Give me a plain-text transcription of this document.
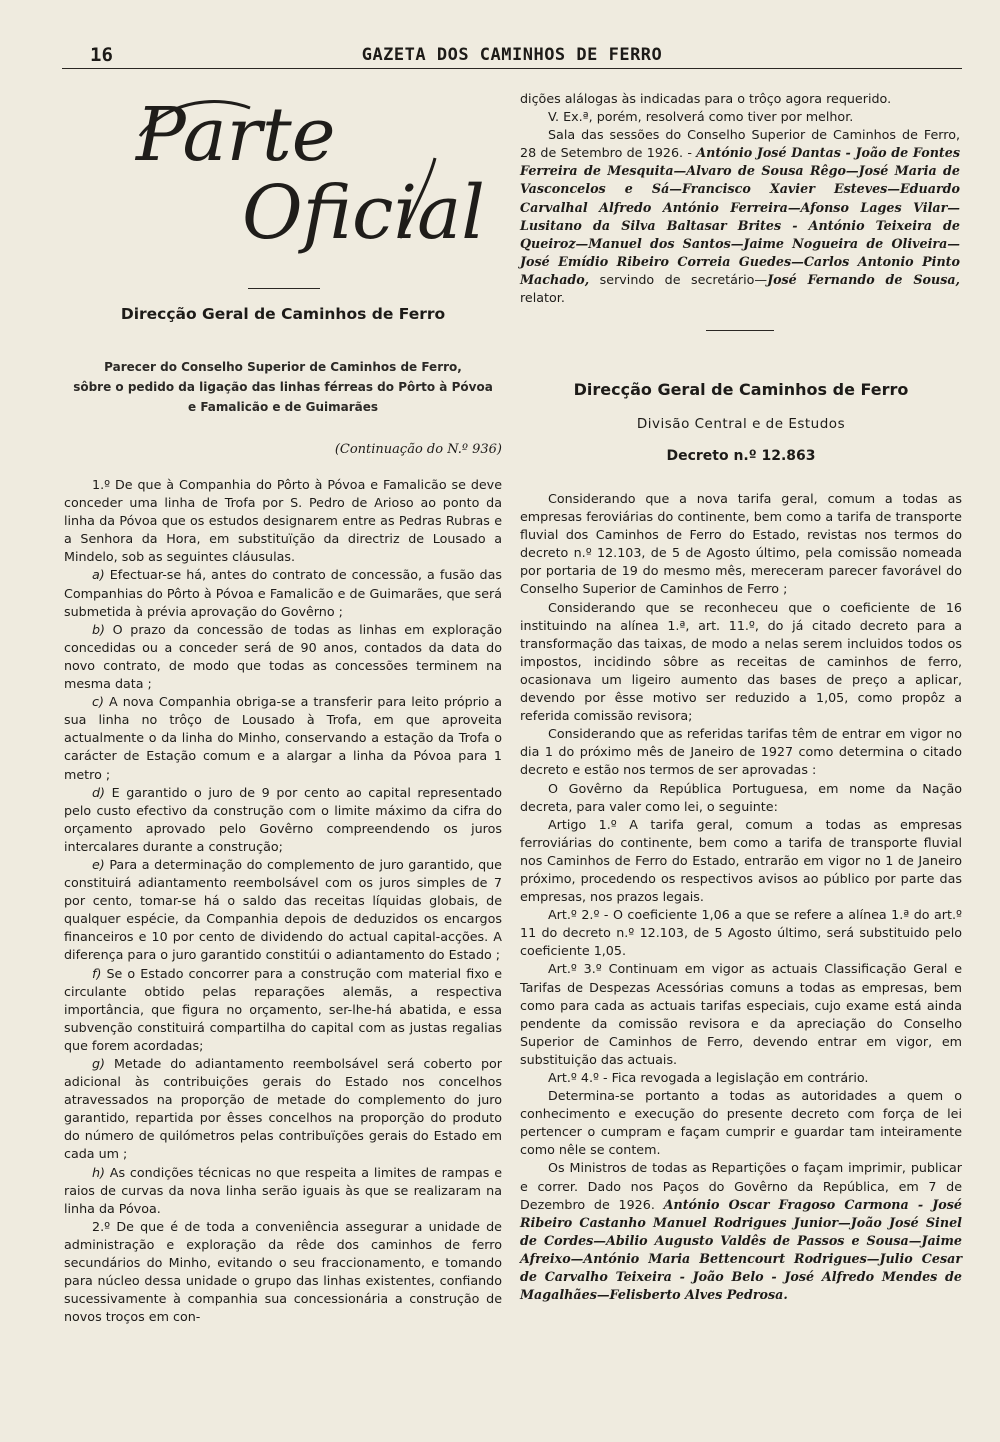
16	GAZETA DOS CAMINHOS DE FERRO
Parte
Oficial
Direcção Geral de Caminhos de Ferro
Parecer do Conselho Superior de Caminhos de Ferro,
sôbre o pedido da ligação das linhas férreas do Pôrto à Póvoa
e Famalicão e de Guimarães
(Continuação do N.º 936)

1.º De que à Companhia do Pôrto à Póvoa e Famalicão se deve conceder uma linha de Trofa por S. Pedro de Arioso ao ponto da linha da Póvoa que os estudos designarem entre as Pedras Rubras e a Senhora da Hora, em substituïção da directriz de Lousado a Mindelo, sob as seguintes cláusulas.

a) Efectuar-se há, antes do contrato de concessão, a fusão das Companhias do Pôrto à Póvoa e Famalicão e de Guimarães, que será submetida à prévia aprovação do Govêrno ;

b) O prazo da concessão de todas as linhas em exploração concedidas ou a conceder será de 90 anos, contados da data do novo contrato, de modo que todas as concessões terminem na mesma data ;

c) A nova Companhia obriga-se a transferir para leito próprio a sua linha no trôço de Lousado à Trofa, em que aproveita actualmente o da linha do Minho, conservando a estação da Trofa o carácter de Estação comum e a alargar a linha da Póvoa para 1 metro ;

d) E garantido o juro de 9 por cento ao capital representado pelo custo efectivo da construção com o limite máximo da cifra do orçamento aprovado pelo Govêrno compreendendo os juros intercalares durante a construção;

e) Para a determinação do complemento de juro garantido, que constituirá adiantamento reembolsável com os juros simples de 7 por cento, tomar-se há o saldo das receitas líquidas globais, de qualquer espécie, da Companhia depois de deduzidos os encargos financeiros e 10 por cento de dividendo do actual capital-acções. A diferença para o juro garantido constitúi o adiantamento do Estado ;

f) Se o Estado concorrer para a construção com material fixo e circulante obtido pelas reparações alemãs, a respectiva importância, que figura no orçamento, ser-lhe-há abatida, e essa subvenção constituirá compartilha do capital com as justas regalias que forem acordadas;

g) Metade do adiantamento reembolsável será coberto por adicional às contribuições gerais do Estado nos concelhos atravessados na proporção de metade do complemento do juro garantido, repartida por êsses concelhos na proporção do produto do número de quilómetros pelas contribuïções gerais do Estado em cada um ;

h) As condições técnicas no que respeita a limites de rampas e raios de curvas da nova linha serão iguais às que se realizaram na linha da Póvoa.

2.º De que é de toda a conveniência assegurar a unidade de administração e exploração da rêde dos caminhos de ferro secundários do Minho, evitando o seu fraccionamento, e tomando para núcleo dessa unidade o grupo das linhas existentes, confiando sucessivamente à companhia sua concessionária a construção de novos troços em con-

dições alálogas às indicadas para o trôço agora requerido.

V. Ex.ª, porém, resolverá como tiver por melhor.

Sala das sessões do Conselho Superior de Caminhos de Ferro, 28 de Setembro de 1926. - António José Dantas - João de Fontes Ferreira de Mesquita—Alvaro de Sousa Rêgo—José Maria de Vasconcelos e Sá—Francisco Xavier Esteves—Eduardo Carvalhal Alfredo António Ferreira—Afonso Lages Vilar—Lusitano da Silva Baltasar Brites - António Teixeira de Queiroz—Manuel dos Santos—Jaime Nogueira de Oliveira—José Emídio Ribeiro Correia Guedes—Carlos Antonio Pinto Machado, servindo de secretário—José Fernando de Sousa, relator.

Direcção Geral de Caminhos de Ferro
Divisão Central e de Estudos
Decreto n.º 12.863

Considerando que a nova tarifa geral, comum a todas as empresas feroviárias do continente, bem como a tarifa de transporte fluvial dos Caminhos de Ferro do Estado, revistas nos termos do decreto n.º 12.103, de 5 de Agosto último, pela comissão nomeada por portaria de 19 do mesmo mês, mereceram parecer favorável do Conselho Superior de Caminhos de Ferro ;

Considerando que se reconheceu que o coeficiente de 16 instituindo na alínea 1.ª, art. 11.º, do já citado decreto para a transformação das taixas, de modo a nelas serem incluidos todos os impostos, incidindo sôbre as receitas de caminhos de ferro, ocasionava um ligeiro aumento das bases de preço a aplicar, devendo por êsse motivo ser reduzido a 1,05, como propôz a referida comissão revisora;

Considerando que as referidas tarifas têm de entrar em vigor no dia 1 do próximo mês de Janeiro de 1927 como determina o citado decreto e estão nos termos de ser aprovadas :

O Govêrno da República Portuguesa, em nome da Nação decreta, para valer como lei, o seguinte:

Artigo 1.º A tarifa geral, comum a todas as empresas ferroviárias do continente, bem como a tarifa de transporte fluvial nos Caminhos de Ferro do Estado, entrarão em vigor no 1 de Janeiro próximo, procedendo os respectivos avisos ao público por parte das empresas, nos prazos legais.

Art.º 2.º - O coeficiente 1,06 a que se refere a alínea 1.ª do art.º 11 do decreto n.º 12.103, de 5 Agosto último, será substituido pelo coeficiente 1,05.

Art.º 3.º Continuam em vigor as actuais Classificação Geral e Tarifas de Despezas Acessórias comuns a todas as empresas, bem como para cada as actuais tarifas especiais, cujo exame está ainda pendente da comissão revisora e da apreciação do Conselho Superior de Caminhos de Ferro, devendo entrar em vigor, em substituição das actuais.

Art.º 4.º - Fica revogada a legislação em contrário.

Determina-se portanto a todas as autoridades a quem o conhecimento e execução do presente decreto com força de lei pertencer o cumpram e façam cumprir e guardar tam inteiramente como nêle se contem.

Os Ministros de todas as Repartições o façam imprimir, publicar e correr. Dado nos Paços do Govêrno da República, em 7 de Dezembro de 1926. António Oscar Fragoso Carmona - José Ribeiro Castanho Manuel Rodrigues Junior—João José Sinel de Cordes—Abilio Augusto Valdês de Passos e Sousa—Jaime Afreixo—António Maria Bettencourt Rodrigues—Julio Cesar de Carvalho Teixeira - João Belo - José Alfredo Mendes de Magalhães—Felisberto Alves Pedrosa.
